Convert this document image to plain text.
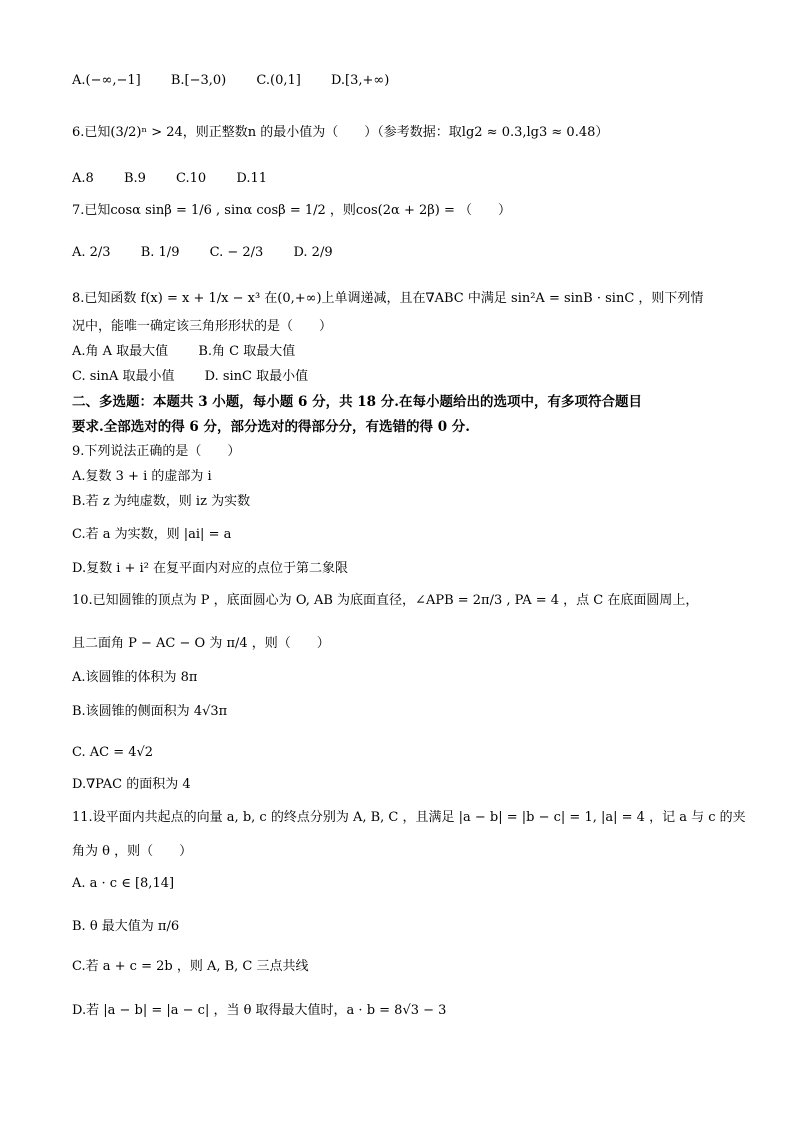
A.(−∞,−1] B.[−3,0) C.(0,1] D.[3,+∞)
6.已知(3/2)ⁿ > 24，则正整数n 的最小值为（　　）（参考数据：取lg2 ≈ 0.3,lg3 ≈ 0.48）
A.8 B.9 C.10 D.11
7.已知cosα sinβ = 1/6 , sinα cosβ = 1/2 ，则cos(2α + 2β) = （　　）
A. 2/3 B. 1/9 C. − 2/3 D. 2/9
8.已知函数 f(x) = x + 1/x − x³ 在(0,+∞)上单调递减，且在∇ABC 中满足 sin²A = sinB · sinC ，则下列情
况中，能唯一确定该三角形形状的是（　　）
A.角 A 取最大值 B.角 C 取最大值
C. sinA 取最小值 D. sinC 取最小值
二、多选题：本题共 3 小题，每小题 6 分，共 18 分.在每小题给出的选项中，有多项符合题目
要求.全部选对的得 6 分，部分选对的得部分分，有选错的得 0 分.
9.下列说法正确的是（　　）
A.复数 3 + i 的虚部为 i
B.若 z 为纯虚数，则 iz 为实数
C.若 a 为实数，则 |ai| = a
D.复数 i + i² 在复平面内对应的点位于第二象限
10.已知圆锥的顶点为 P ，底面圆心为 O, AB 为底面直径，∠APB = 2π/3 , PA = 4 ，点 C 在底面圆周上，
且二面角 P − AC − O 为 π/4 ，则（　　）
A.该圆锥的体积为 8π
B.该圆锥的侧面积为 4√3π
C. AC = 4√2
D.∇PAC 的面积为 4
11.设平面内共起点的向量 a, b, c 的终点分别为 A, B, C ，且满足 |a − b| = |b − c| = 1, |a| = 4 ，记 a 与 c 的夹
角为 θ ，则（　　）
A. a · c ∈ [8,14]
B. θ 最大值为 π/6
C.若 a + c = 2b ，则 A, B, C 三点共线
D.若 |a − b| = |a − c| ，当 θ 取得最大值时，a · b = 8√3 − 3
